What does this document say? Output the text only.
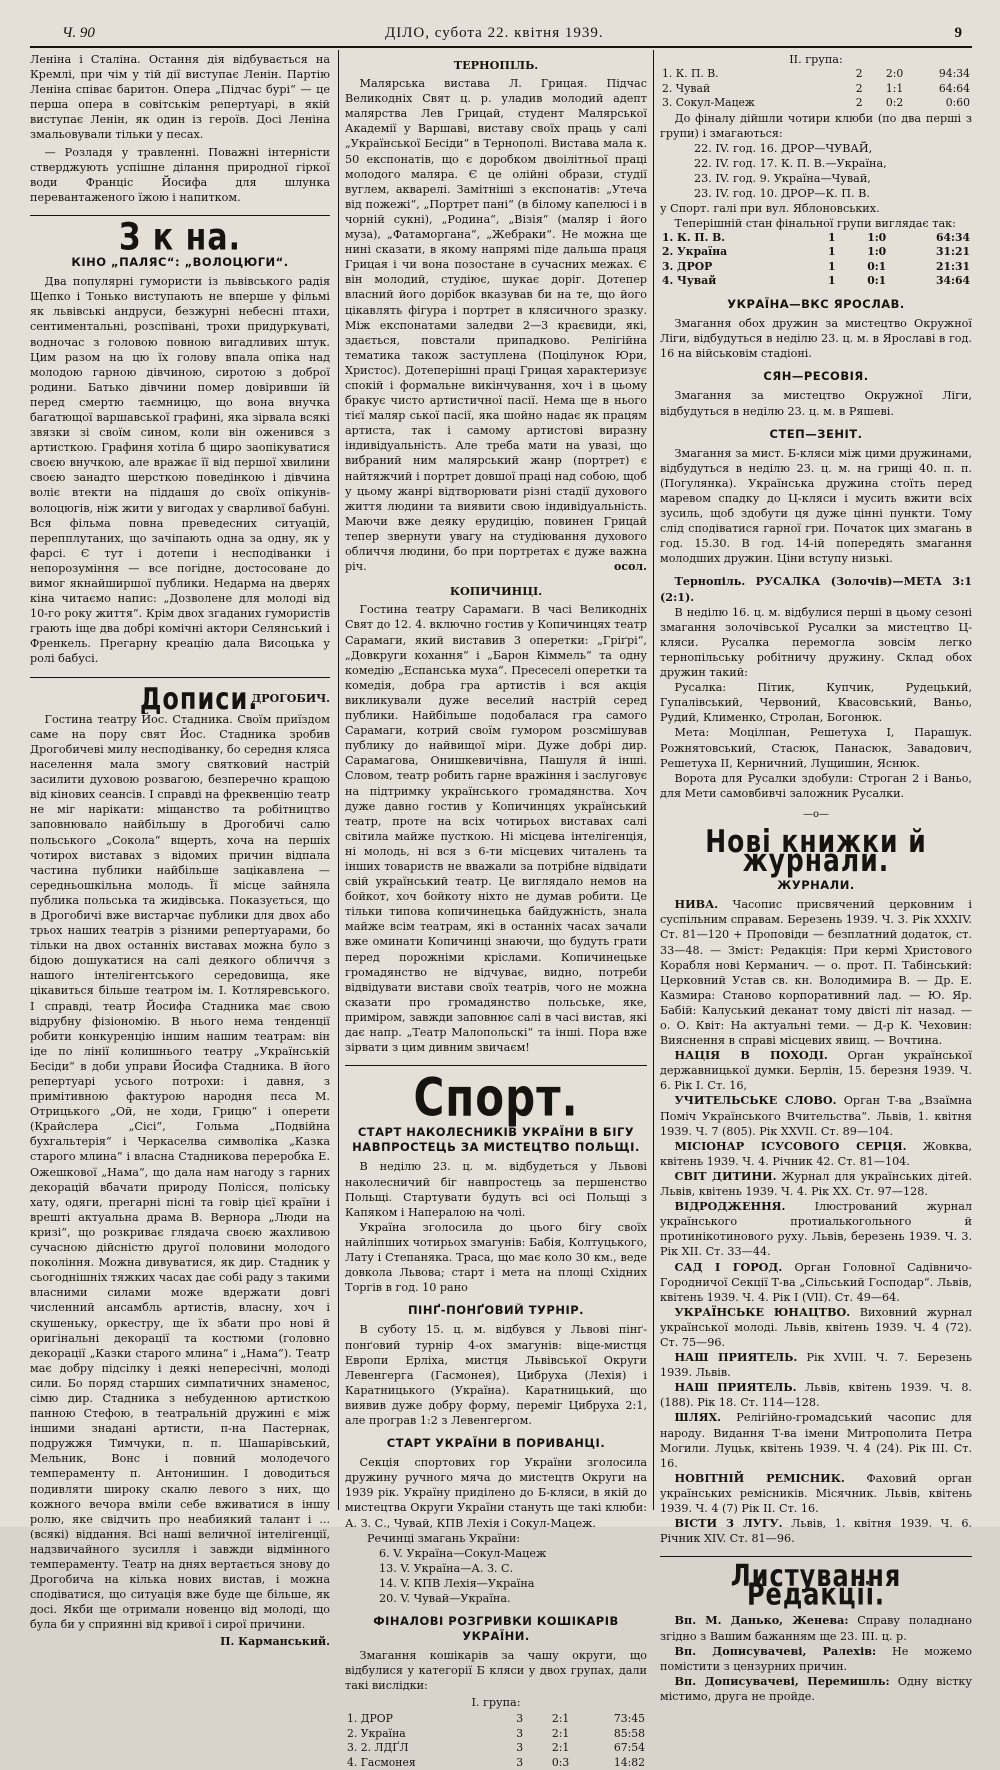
Ч. 90	ДІЛО, субота 22. квітня 1939.	9

Леніна і Сталіна. Остання дія відбувається на Кремлі, при чім у тій дії виступає Ленін. Партію Леніна співає баритон. Опера „Підчас бурі“ — це перша опера в совітськім репертуарі, в якій виступає Ленін, як один із героїв. Досі Леніна змальовували тільки у песах.

— Розладя у травленні. Поважні інтерністи стверджують успішне ділання природної гіркої води Франціс Йосифа для шлунка перевантаженого їжою і напитком.

З к на.
КІНО „ПАЛЯС“: „ВОЛОЦЮГИ“.

Два популярні гумористи із львівського радія Щепко і Тонько виступають не вперше у фільмі як львівські андруси, безжурні небесні птахи, сентиментальні, розспівані, трохи придуркуваті, водночас з головою повною вигадливих штук. Цим разом на цю їх голову впала опіка над молодою гарною дівчиною, сиротою з доброї родини. Батько дівчини помер довіривши їй перед смертю таємницю, що вона внучка багатющої варшавської графині, яка зірвала всякі звязки зі своїм сином, коли він оженився з артисткою. Графиня хотіла б щиро заопікуватися своєю внучкою, але вражає її від першої хвилини своєю занадто шерсткою поведінкою і дівчина воліє втекти на піддашя до своїх опікунів-волоцюгів, ніж жити у вигодах у сварливої бабуні. Вся фільма повна преведесних ситуацій, перепплутаних, що зачіпають одна за одну, як у фарсі. Є тут і дотепи і несподіванки і непорозуміння — все погідне, достосоване до вимог якнайширшої публики. Недарма на дверях кіна читаємо напис: „Дозволене для молоді від 10-го року життя“. Крім двох згаданих гумористів грають іще два добрі комічні актори Селянський і Френкель. Прегарну креацію дала Висоцька у ролі бабусі.

Дописи.
ДРОГОБИЧ.

Гостина театру Йос. Стадника. Своїм приїздом саме на пору свят Йос. Стадника зробив Дрогобичеві милу несподіванку, бо середня кляса населення мала змогу святковий настрій засилити духовою розвагою, безперечно кращою від кінових сеансів. І справді на фреквенцію театр не міг нарікати: міщанство та робітництво заповнювало найбільшу в Дрогобичі салю польського „Сокола“ вщерть, хоча на першіх чотирох виставах з відомих причин відпала чаcтина публики найбільше зацікавлена — середньошкільна молодь. Її місце зайняла публика польська та жидівська. Показується, що в Дрогобичі вже вистарчає публики для двох або трьох наших театрів з різними репертуарами, бо тільки на двох останніх виставах можна було з бідою дошукатися на салі деякого обличчя з нашого інтелігентського середовища, яке цікавиться більше театром ім. І. Котляревського. І справді, театр Йосифа Стадника має свою відрубну фізіономію. В нього нема тенденції робити конкуренцію іншим нашим театрам: він іде по лінії колишнього театру „Українській Бесіди“ в доби управи Йосифа Стадника. В його репертуарі усього потрохи: і давня, з примітивною фактурою народня пєса М. Отрицького „Ой, не ходи, Грицю“ і оперети (Крайслера „Сісі“, Гольма „Подвійна бухгальтерія“ і Черкаселва символіка „Казка старого млина“ і власна Стадникова переробка Е. Ожешкової „Нама“, що дала нам нагоду з гарних декорацій вбачати природу Полісся, поліську хату, одяги, прегарні пісні та говір цієї країни і врешті актуальна драма В. Вернора „Люди на кризі“, що розкриває глядача своєю жахливою сучасною дійсністю другої половини молодого покоління. Можна дивуватися, як дир. Стадник у сьогоднішніх тяжких часах дає собі раду з такими власними силами може вдержати довгі численний ансамбль артистів, власну, хоч і скушеньку, оркестру, ще їх збати про нові й оригінальні декорації та костюми (головно декорації „Казки старого млина“ і „Нама“). Театр має добру підсілку і деякі непересічні, молоді сили. Бо поряд старших симпатичних знаменос, сімю дир. Стадника з небуденною артисткою панною Стефою, в театральній дружині є між іншими знадані артисти, п-на Пастернак, подружжя Тимчуки, п. п. Шашарівський, Мельник, Вонс і повний молодечого темпераменту п. Антонишин. І доводиться подивляти широку скалю левого з них, що кожного вечора вміли себе вживатися в іншу ролю, яке свідчить про неабиякий талант і ...(всякі) віддання. Всі наші величної інтелігенції, надзвичайного зусилля і завжди відмінного темпераменту. Театр на днях вертається знову до Дрогобича на кілька нових вистав, і можна сподіватися, що ситуація вже буде ще більше, як досі. Якби ще отримали новенцо від молоді, що була би у сприянні від кривої і сирої причини.

П. Карманський.
ТЕРНОПІЛЬ.

Малярська виставa Л. Грицая. Підчас Великодніх Свят ц. р. уладив молодий адепт малярства Лев Грицай, студент Малярської Академії у Варшаві, виставу своїх праць у салі „Української Бесіди“ в Тернополі. Виставa мала к. 50 експонатів, що є доробком двоілітньої праці молодого маляра. Є це олійні образи, студії вуглем, акварелі. Замітніші з експонатів: „Утеча від пожежі“, „Портрет пані“ (в білому капелюсі і в чорній сукні), „Родина“, „Візія“ (маляр і його муза), „Фатаморгана“, „Жебраки“. Не можна ще нині сказати, в якому напрямі піде дальша праця Грицая і чи вона позостане в сучасних межах. Є він молодий, студіює, шукає доріг. Дотепер власний його дорібок вказував би на те, що його цікавлять фігура і портрет в клясичного зразку. Між експонатами заледви 2—3 краєвиди, які, здається, повстали припадково. Релігійна тематика також заступлена (Поцілунок Юри, Христос). Дотеперішні праці Грицая характеризує спокій і формальне викінчування, хоч і в цьому бракує чисто артистичної пасії. Нема ще в нього тієї маляр ської пасії, яка шойно надає як працям артиста, так і самому артистові виразну індивідуальність. Але треба мати на увазі, що вибраний ним малярський жанр (портрет) є найтяжчий і портрет довшої праці над собою, щоб у цьому жанрі відтворювати різні стадії духового життя людини та виявити свою індивідуальність. Маючи вже деяку ерудицію, повинен Грицай тепер звернути увагу на студіювання духового обличчя людини, бо при портретах є дуже важна річ.	осол.
КОПИЧИНЦІ.

Гостина театру Сарамаги. В часі Великодніх Свят до 12. 4. включно гостив у Копичинцях театр Сарамаги, який виставив 3 оперетки: „Гріґрі“, „Довкруги кохання“ і „Барон Кіммель“ та одну комедію „Еспанська муха“. Пресеселі оперетки та комедія, добра гра артистів і вся акція викликували дуже веселий настрій серед публики. Найбільше подобалася гра самого Сарамаги, котрий своїм гумором розсмішував публику до найвищої міри. Дуже добрі дир. Сарамагова, Онишкевичівна, Пашуля й інші. Словом, театр робить гарне вражіння і заслуговує на підтримку українського громадянства. Хоч дуже давно гостив у Копичинцях український театр, проте на всіх чотирьох виставах салі світила майже пусткою. Ні місцева інтелігенція, ні молодь, ні вся з 6-ти місцевих читалень та інших товариств не вважали за потрібне відвідати свій український театр. Це виглядало немов на бойкот, хоч бойкоту ніхто не думав робити. Це тільки типова копичинецька байдужність, знала майже всім театрам, які в останніх часах зачали вже оминати Копичинці знаючи, що будуть грати перед порожніми кріслами. Копичинецьке громадянство не відчуває, видно, потреби відвідувати вистави своїх театрів, чого не можна сказати про громадянство польське, яке, приміром, завжди заповнює салі в часі вистав, які дає напр. „Театр Малопольскі“ та інші. Пора вже зірвати з цим дивним звичаєм!

Спорт.
СТАРТ НАКОЛЕСНИКІВ УКРАЇНИ В БІГУ НАВПРОСТЕЦЬ ЗА МИСТЕЦТВО ПОЛЬЩІ.

В неділю 23. ц. м. відбудеться у Львові наколесничий біг навпростець за першенство Польщі. Стартувати будуть всі осі Польщі з Капяком і Напералою на чолі.

Україна зголосила до цього бігу своїх найліпших чотирьох змагунів: Бабія, Колтуцького, Лату і Степаняка. Траса, що має коло 30 км., веде довкола Львова; старт і мета на площі Східних Торгів в год. 10 рано

ПІНҐ-ПОНҐОВИЙ ТУРНІР.

В суботу 15. ц. м. відбувся у Львові пінґ-понґовий турнір 4-ох змагунів: віце-мистця Европи Ерліха, мистця Львівської Округи Левенгерга (Гасмонея), Цибруха (Лехія) і Каратницького (Україна). Каратницький, що виявив дуже добру форму, переміг Цибруха 2:1, але програв 1:2 з Левенгергом.

СТАРТ УКРАЇНИ В ПОРИВАНЦІ.

Секція спортових гор України зголосила дружину ручного мяча до мистецтв Округи на 1939 рік. Україну приділено до Б-кляси, в якій до мистецтва Округи України стануть ще такі клюби: А. З. С., Чувай, КПВ Лехія і Сокул-Мацеж.

Речинці змагань України:
6. V. Україна—Сокул-Мацеж
13. V. Україна—А. З. С.
14. V. КПВ Лехія—Україна
20. V. Чувай—Україна.
ФІНАЛОВІ РОЗГРИВКИ КОШІКАРІВ УКРАЇНИ.

Змагання кошікарів за чашу округи, що відбулися у категорії Б кляси у двох групах, дали такі вислідки:

І. група:
1. ДРОР	3	2:1	73:45
2. Україна	3	2:1	85:58
3. 2. ЛДҐЛ	3	2:1	67:54
4. Гасмонея	3	0:3	14:82
ІІ. група:
1. К. П. В.	2	2:0	94:34
2. Чувай	2	1:1	64:64
3. Сокул-Мацеж	2	0:2	0:60

До фіналу дійшли чотири клюби (по два перші з групи) і змагаються:

22. IV. год. 16. ДРОР—ЧУВАЙ,
22. IV. год. 17. К. П. В.—Україна,
23. IV. год. 9. Україна—Чувай,
23. IV. год. 10. ДРОР—К. П. В.

у Спорт. галі при вул. Яблоновських.

Теперішній стан фінальної групи виглядає так:

1. К. П. В.	1	1:0	64:34
2. Україна	1	1:0	31:21
3. ДРОР	1	0:1	21:31
4. Чувай	1	0:1	34:64
УКРАЇНА—ВКС ЯРОСЛАВ.

Змагання обох дружин за мистецтво Окружної Ліги, відбудуться в неділю 23. ц. м. в Ярославі в год. 16 на військовім стадіоні.

СЯН—РЕСОВІЯ.

Змагання за мистецтво Окружної Ліги, відбудуться в неділю 23. ц. м. в Ряшеві.

СТЕП—ЗЕНІТ.

Змагання за мист. Б-кляси між цими дружинами, відбудуться в неділю 23. ц. м. на грищі 40. п. п. (Погулянка). Українська дружина стоїть перед маревом спадку до Ц-кляси і мусить вжити всіх зусиль, щоб здобути ця дуже цінні пункти. Тому слід сподіватися гарної гри. Початок цих змагань в год. 15.30. В год. 14-ій попередять змагання молодших дружин. Ціни вступу низькі.

Тернопіль. РУСАЛКА (Золочів)—МЕТА 3:1 (2:1).

В неділю 16. ц. м. відбулися перші в цьому сезоні змагання золочівської Русалки за мистецтво Ц-кляси. Русалка перемогла зовсім легко тернопільську робітничу дружину. Склад обох дружин такий:

Русалка: Пітик, Купчик, Рудецький, Гупалівський, Червоний, Квасовський, Ваньо, Рудий, Клименко, Стролан, Богонюк.

Мета: Моцілпан, Решетуха І, Парашук. Рожнятовський, Стасюк, Панасюк, Завадович, Решетуха ІІ, Керничний, Лущишин, Яснюк.

Ворота для Русалки здобули: Строган 2 і Ваньо, для Мети самовбивчі заложник Русалки.

—о—
Нові книжки й журнали.
ЖУРНАЛИ.

НИВА. Часопис присвячений церковним і суспільним справам. Березень 1939. Ч. 3. Рік XXXIV. Ст. 81—120 + Проповіди — безплатний додаток, ст. 33—48. — Зміст: Редакція: При кермі Христового Корабля нові Керманич. — о. прот. П. Табінський: Церковний Устав св. кн. Володимира В. — Др. Е. Казмира: Становo корпоративний лад. — Ю. Яр. Бабій: Калуський деканат тому двісті літ назад. — о. О. Квіт: На актуальні теми. — Д-р К. Чеховин: Вияснення в справі місцевих явищ. — Вочтина.

НАЦІЯ В ПОХОДІ. Орган української державницької думки. Берлін, 15. березня 1939. Ч. 6. Рік І. Ст. 16,

УЧИТЕЛЬСЬКЕ СЛОВО. Орган Т-ва „Взаїмна Поміч Українського Вчительства“. Львів, 1. квітня 1939. Ч. 7 (805). Рік XXVII. Ст. 89—104.

МІСІОНАР ІСУСОВОГО СЕРЦЯ. Жовква, квітень 1939. Ч. 4. Річник 42. Ст. 81—104.

СВІТ ДИТИНИ. Журнал для українських дітей. Львів, квітень 1939. Ч. 4. Рік XX. Ст. 97—128.

ВІДРОДЖЕННЯ.	Ілюстрований журнал українського протиалькогольного й протинікотинового руху. Львів, березень 1939. Ч. 3. Рік XII. Ст. 33—44.

САД І ГОРОД. Орган Головної Садівничо-Городничої Секції Т-ва „Сільський Господар“. Львів, квітень 1939. Ч. 4. Рік І (VII). Ст. 49—64.

УКРАЇНСЬКЕ ЮНАЦТВО. Виховний журнал української молоді. Львів, квітень 1939. Ч. 4 (72). Ст. 75—96.

НАШ ПРИЯТЕЛЬ. Рік XVIII. Ч. 7. Березень 1939. Львів.

НАШ ПРИЯТЕЛЬ. Львів, квітень 1939. Ч. 8. (188). Рік 18. Ст. 114—128.

ШЛЯХ. Релігійно-громадський часопис для народу. Видання Т-ва імени Митрополита Петра Могили. Луцьк, квітень 1939. Ч. 4 (24). Рік ІІІ. Ст. 16.

НОВІТНІЙ РЕМІСНИК. Фаховий орган українських ремісників. Місячник. Львів, квітень 1939. Ч. 4 (7) Рік ІІ. Ст. 16.

ВІСТИ З ЛУГУ. Львів, 1. квітня 1939. Ч. 6. Річник XIV. Ст. 81—96.

Листування Редакції.

Вп. М. Данько, Женева: Справу поладнано згідно з Вашим бажанням ще 23. ІІІ. ц. р.

Вп. Дописувачеві, Ралехів: Не можемо помістити з цензурних причин.

Вп. Дописувачеві, Перемишль: Одну вістку містимо, друга не пройде.
